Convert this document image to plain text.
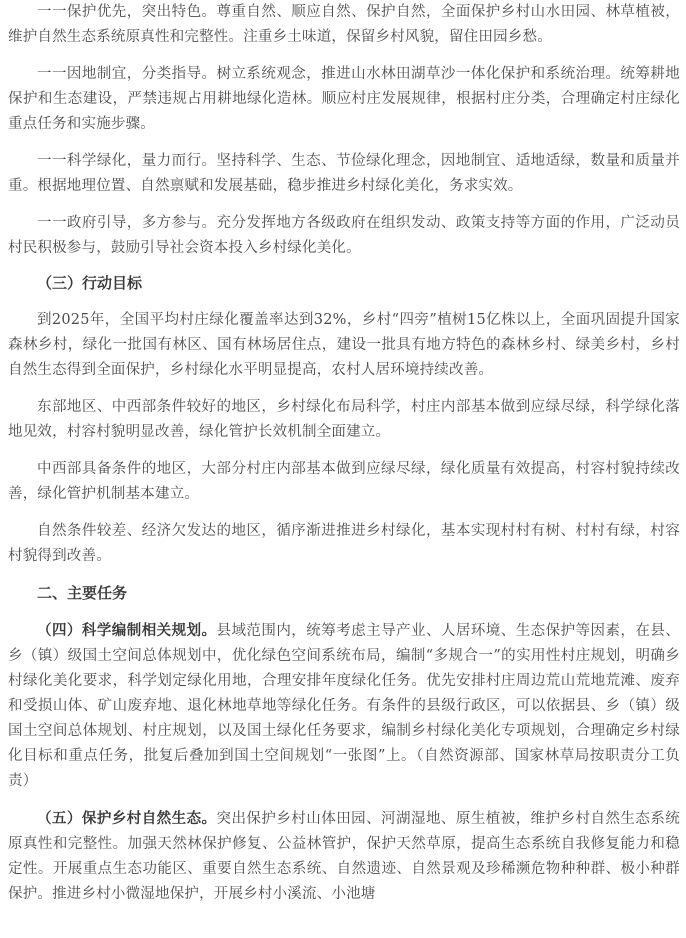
一一保护优先，突出特色。尊重自然、顺应自然、保护自然，全面保护乡村山水田园、林草植被，维护自然生态系统原真性和完整性。注重乡土味道，保留乡村风貌，留住田园乡愁。

一一因地制宜，分类指导。树立系统观念，推进山水林田湖草沙一体化保护和系统治理。统筹耕地保护和生态建设，严禁违规占用耕地绿化造林。顺应村庄发展规律，根据村庄分类，合理确定村庄绿化重点任务和实施步骤。

一一科学绿化，量力而行。坚持科学、生态、节俭绿化理念，因地制宜、适地适绿，数量和质量并重。根据地理位置、自然禀赋和发展基础，稳步推进乡村绿化美化，务求实效。

一一政府引导，多方参与。充分发挥地方各级政府在组织发动、政策支持等方面的作用，广泛动员村民积极参与，鼓励引导社会资本投入乡村绿化美化。

（三）行动目标

到2025年，全国平均村庄绿化覆盖率达到32%，乡村“四旁”植树15亿株以上，全面巩固提升国家森林乡村，绿化一批国有林区、国有林场居住点，建设一批具有地方特色的森林乡村、绿美乡村，乡村自然生态得到全面保护，乡村绿化水平明显提高，农村人居环境持续改善。

东部地区、中西部条件较好的地区，乡村绿化布局科学，村庄内部基本做到应绿尽绿，科学绿化落地见效，村容村貌明显改善，绿化管护长效机制全面建立。

中西部具备条件的地区，大部分村庄内部基本做到应绿尽绿，绿化质量有效提高，村容村貌持续改善，绿化管护机制基本建立。

自然条件较差、经济欠发达的地区，循序渐进推进乡村绿化，基本实现村村有树、村村有绿，村容村貌得到改善。

二、主要任务

（四）科学编制相关规划。县域范围内，统筹考虑主导产业、人居环境、生态保护等因素，在县、乡（镇）级国土空间总体规划中，优化绿色空间系统布局，编制“多规合一”的实用性村庄规划，明确乡村绿化美化要求，科学划定绿化用地，合理安排年度绿化任务。优先安排村庄周边荒山荒地荒滩、废弃和受损山体、矿山废弃地、退化林地草地等绿化任务。有条件的县级行政区，可以依据县、乡（镇）级国土空间总体规划、村庄规划，以及国土绿化任务要求，编制乡村绿化美化专项规划，合理确定乡村绿化目标和重点任务，批复后叠加到国土空间规划“一张图”上。（自然资源部、国家林草局按职责分工负责）

（五）保护乡村自然生态。突出保护乡村山体田园、河湖湿地、原生植被，维护乡村自然生态系统原真性和完整性。加强天然林保护修复、公益林管护，保护天然草原，提高生态系统自我修复能力和稳定性。开展重点生态功能区、重要自然生态系统、自然遗迹、自然景观及珍稀濒危物种种群、极小种群保护。推进乡村小微湿地保护，开展乡村小溪流、小池塘
